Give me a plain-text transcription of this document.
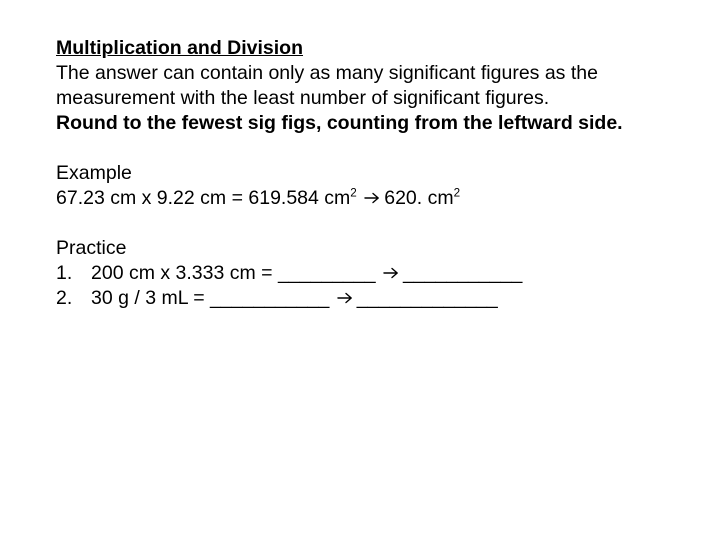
Multiplication and Division
The answer can contain only as many significant figures as the
measurement with the least number of significant figures.
Round to the fewest sig figs, counting from the leftward side.
Example
67.23 cm x 9.22 cm = 619.584 $cm^2$ 620. $cm^2$
Practice
1. 200 cm x 3.333 cm = _________ ___________
2. 30 g / 3 mL = ___________ _____________
